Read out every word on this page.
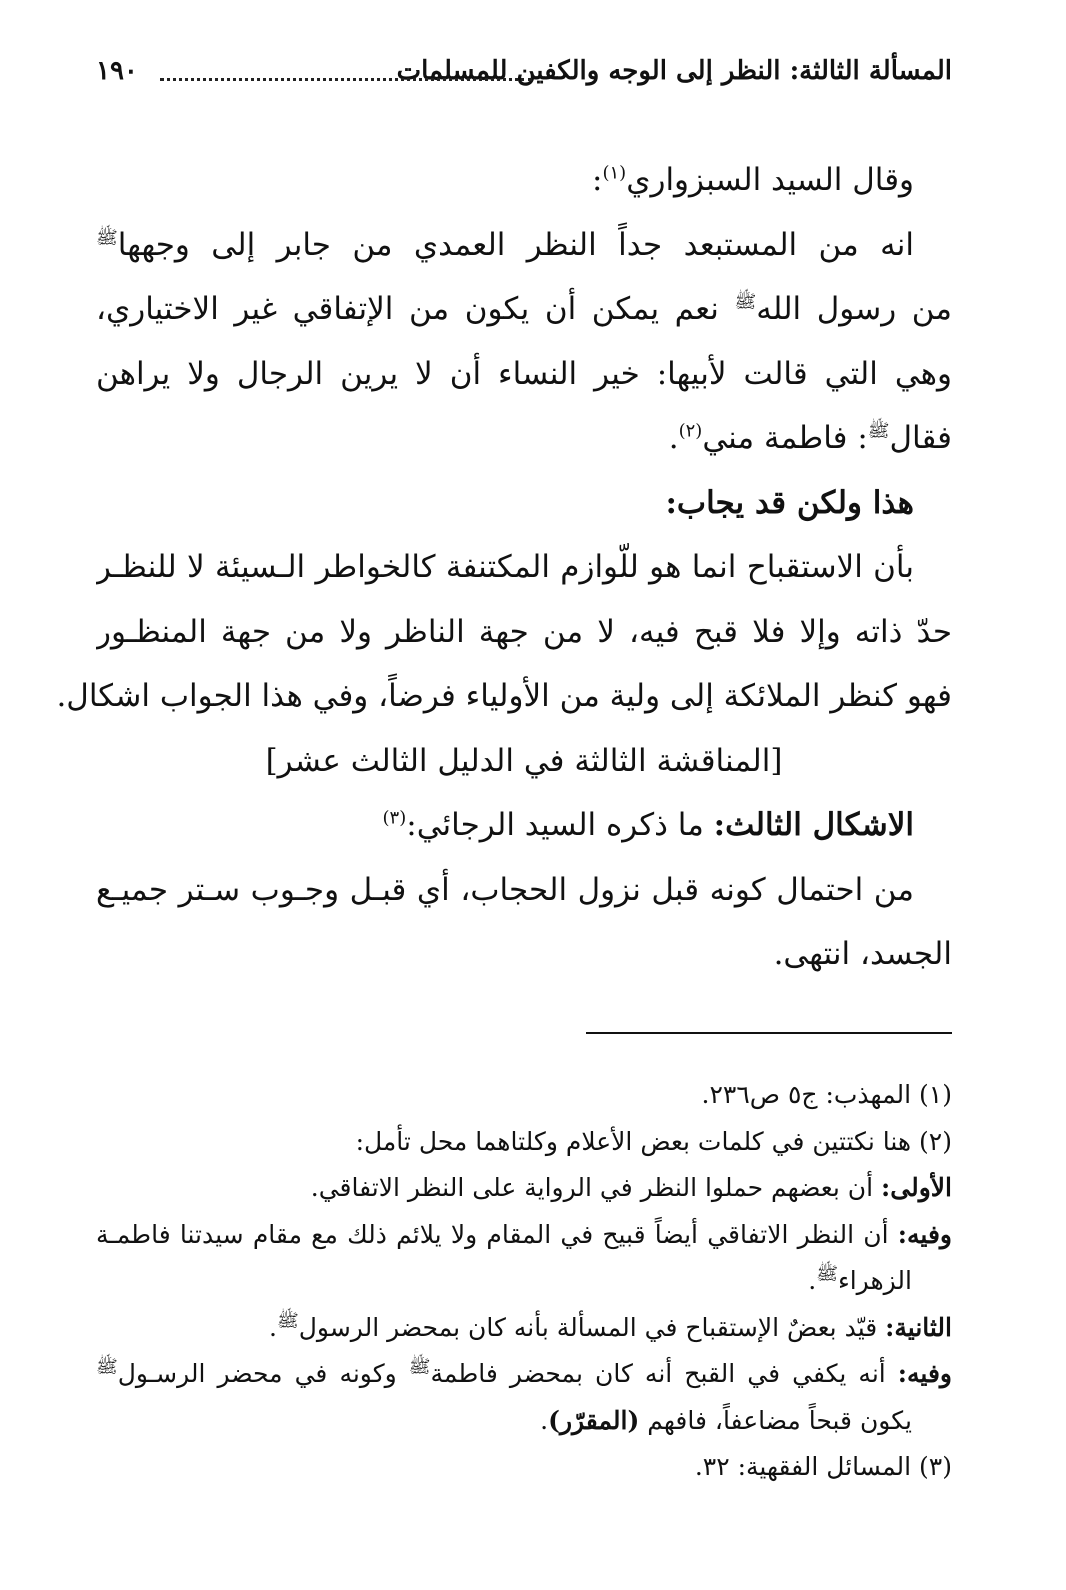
المسألة الثالثة: النظر إلى الوجه والكفين للمسلمات
١٩٠
وقال السيد السبزواري$^{(١)}$:
انه من المستبعد جداً النظر العمدي من جابر إلى وجهها$^ﷺ$
من رسول الله$^ﷺ$ نعم يمكن أن يكون من الإتفاقي غير الاختياري،
وهي التي قالت لأبيها: خير النساء أن لا يرين الرجال ولا يراهن
فقال$^ﷺ$: فاطمة مني$^{(٢)}$.
هذا ولكن قد يجاب:
بأن الاستقباح انما هو للّوازم المكتنفة كالخواطر الـسيئة لا للنظـر
حدّ ذاته وإلا فلا قبح فيه، لا من جهة الناظر ولا من جهة المنظـور
فهو كنظر الملائكة إلى ولية من الأولياء فرضاً، وفي هذا الجواب اشكال.
[المناقشة الثالثة في الدليل الثالث عشر]
الاشكال الثالث: ما ذكره السيد الرجائي:$^{(٣)}$
من احتمال كونه قبل نزول الحجاب، أي قبـل وجـوب سـتر جميـع
الجسد، انتهى.
(١) المهذب: ج٥ ص٢٣٦.
(٢) هنا نكتتين في كلمات بعض الأعلام وكلتاهما محل تأمل:
الأولى: أن بعضهم حملوا النظر في الرواية على النظر الاتفاقي.
وفيه: أن النظر الاتفاقي أيضاً قبيح في المقام ولا يلائم ذلك مع مقام سيدتنا فاطمـة
الزهراء$^ﷺ$.
الثانية: قيّد بعضٌ الإستقباح في المسألة بأنه كان بمحضر الرسول$^ﷺ$.
وفيه: أنه يكفي في القبح أنه كان بمحضر فاطمة$^ﷺ$ وكونه في محضر الرسـول$^ﷺ$
يكون قبحاً مضاعفاً، فافهم (المقرّر).
(٣) المسائل الفقهية: ٣٢.
